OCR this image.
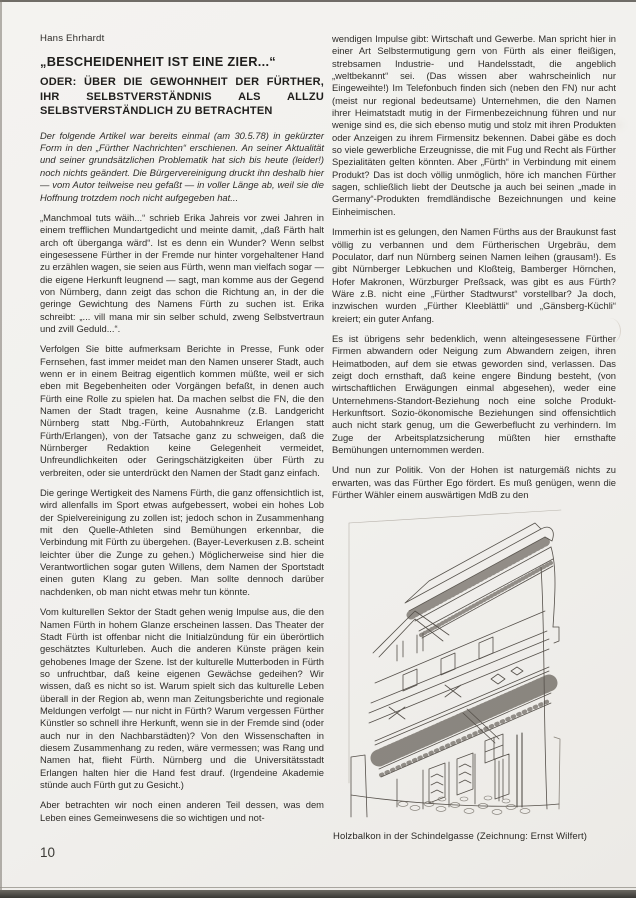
Hans Ehrhardt

„BESCHEIDENHEIT IST EINE ZIER...“
ODER: ÜBER DIE GEWOHNHEIT DER FÜRTHER, IHR SELBSTVERSTÄNDNIS ALS ALLZU SELBSTVERSTÄNDLICH ZU BETRACHTEN

Der folgende Artikel war bereits einmal (am 30.5.78) in gekürzter Form in den „Fürther Nachrichten“ erschienen. An seiner Aktualität und seiner grundsätzlichen Problematik hat sich bis heute (leider!) noch nichts geändert. Die Bürgervereinigung druckt ihn deshalb hier — vom Autor teilweise neu gefaßt — in voller Länge ab, weil sie die Hoffnung trotzdem noch nicht aufgegeben hat...

„Manchmoal tuts wäih...“ schrieb Erika Jahreis vor zwei Jahren in einem trefflichen Mundartgedicht und meinte damit, „daß Färth halt arch oft überganga wärd“. Ist es denn ein Wunder? Wenn selbst eingesessene Fürther in der Fremde nur hinter vorgehaltener Hand zu erzählen wagen, sie seien aus Fürth, wenn man vielfach sogar — die eigene Herkunft leugnend — sagt, man komme aus der Gegend von Nürnberg, dann zeigt das schon die Richtung an, in der die geringe Gewichtung des Namens Fürth zu suchen ist. Erika schreibt: „... vill mana mir sin selber schuld, zweng Selbstvertraun und zvill Geduld...“.

Verfolgen Sie bitte aufmerksam Berichte in Presse, Funk oder Fernsehen, fast immer meidet man den Namen unserer Stadt, auch wenn er in einem Beitrag eigentlich kommen müßte, weil er sich eben mit Begebenheiten oder Vorgängen befaßt, in denen auch Fürth eine Rolle zu spielen hat. Da machen selbst die FN, die den Namen der Stadt tragen, keine Ausnahme (z.B. Landgericht Nürnberg statt Nbg.-Fürth, Autobahnkreuz Erlangen statt Fürth/Erlangen), von der Tatsache ganz zu schweigen, daß die Nürnberger Redaktion keine Gelegenheit vermeidet, Unfreundlichkeiten oder Geringschätzigkeiten über Fürth zu verbreiten, oder sie unterdrückt den Namen der Stadt ganz einfach.

Die geringe Wertigkeit des Namens Fürth, die ganz offensichtlich ist, wird allenfalls im Sport etwas aufgebessert, wobei ein hohes Lob der Spielvereinigung zu zollen ist; jedoch schon in Zusammenhang mit den Quelle-Athleten sind Bemühungen erkennbar, die Verbindung mit Fürth zu übergehen. (Bayer-Leverkusen z.B. scheint leichter über die Zunge zu gehen.) Möglicherweise sind hier die Verantwortlichen sogar guten Willens, dem Namen der Sportstadt einen guten Klang zu geben. Man sollte dennoch darüber nachdenken, ob man nicht etwas mehr tun könnte.

Vom kulturellen Sektor der Stadt gehen wenig Impulse aus, die den Namen Fürth in hohem Glanze erscheinen lassen. Das Theater der Stadt Fürth ist offenbar nicht die Initialzündung für ein überörtlich geschätztes Kulturleben. Auch die anderen Künste prägen kein gehobenes Image der Szene. Ist der kulturelle Mutterboden in Fürth so unfruchtbar, daß keine eigenen Gewächse gedeihen? Wir wissen, daß es nicht so ist. Warum spielt sich das kulturelle Leben überall in der Region ab, wenn man Zeitungsberichte und regionale Meldungen verfolgt — nur nicht in Fürth? Warum vergessen Fürther Künstler so schnell ihre Herkunft, wenn sie in der Fremde sind (oder auch nur in den Nachbarstädten)? Von den Wissenschaften in diesem Zusammenhang zu reden, wäre vermessen; was Rang und Namen hat, flieht Fürth. Nürnberg und die Universitätsstadt Erlangen halten hier die Hand fest drauf. (Irgendeine Akademie stünde auch Fürth gut zu Gesicht.)

Aber betrachten wir noch einen anderen Teil dessen, was dem Leben eines Gemeinwesens die so wichtigen und not-

wendigen Impulse gibt: Wirtschaft und Gewerbe. Man spricht hier in einer Art Selbstermutigung gern von Fürth als einer fleißigen, strebsamen Industrie- und Handelsstadt, die angeblich „weltbekannt“ sei. (Das wissen aber wahrscheinlich nur Eingeweihte!) Im Telefonbuch finden sich (neben den FN) nur acht (meist nur regional bedeutsame) Unternehmen, die den Namen ihrer Heimatstadt mutig in der Firmenbezeichnung führen und nur wenige sind es, die sich ebenso mutig und stolz mit ihren Produkten oder Anzeigen zu ihrem Firmensitz bekennen. Dabei gäbe es doch so viele gewerbliche Erzeugnisse, die mit Fug und Recht als Fürther Spezialitäten gelten könnten. Aber „Fürth“ in Verbindung mit einem Produkt? Das ist doch völlig unmöglich, höre ich manchen Fürther sagen, schließlich liebt der Deutsche ja auch bei seinen „made in Germany“-Produkten fremdländische Bezeichnungen und keine Einheimischen.

Immerhin ist es gelungen, den Namen Fürths aus der Braukunst fast völlig zu verbannen und dem Fürtherischen Urgebräu, dem Poculator, darf nun Nürnberg seinen Namen leihen (grausam!). Es gibt Nürnberger Lebkuchen und Kloßteig, Bamberger Hörnchen, Hofer Makronen, Würzburger Preßsack, was gibt es aus Fürth? Wäre z.B. nicht eine „Fürther Stadtwurst“ vorstellbar? Ja doch, inzwischen wurden „Fürther Kleeblättli“ und „Gänsberg-Küchli“ kreiert; ein guter Anfang.

Es ist übrigens sehr bedenklich, wenn alteingesessene Fürther Firmen abwandern oder Neigung zum Abwandern zeigen, ihren Heimatboden, auf dem sie etwas geworden sind, verlassen. Das zeigt doch ernsthaft, daß keine engere Bindung besteht, (von wirtschaftlichen Erwägungen einmal abgesehen), weder eine Unternehmens-Standort-Beziehung noch eine solche Produkt-Herkunftsort. Sozio-ökonomische Beziehungen sind offensichtlich auch nicht stark genug, um die Gewerbeflucht zu verhindern. Im Zuge der Arbeitsplatzsicherung müßten hier ernsthafte Bemühungen unternommen werden.

Und nun zur Politik. Von der Hohen ist naturgemäß nichts zu erwarten, was das Fürther Ego fördert. Es muß genügen, wenn die Fürther Wähler einem auswärtigen MdB zu den

Holzbalkon in der Schindelgasse (Zeichnung: Ernst Wilfert)
10
